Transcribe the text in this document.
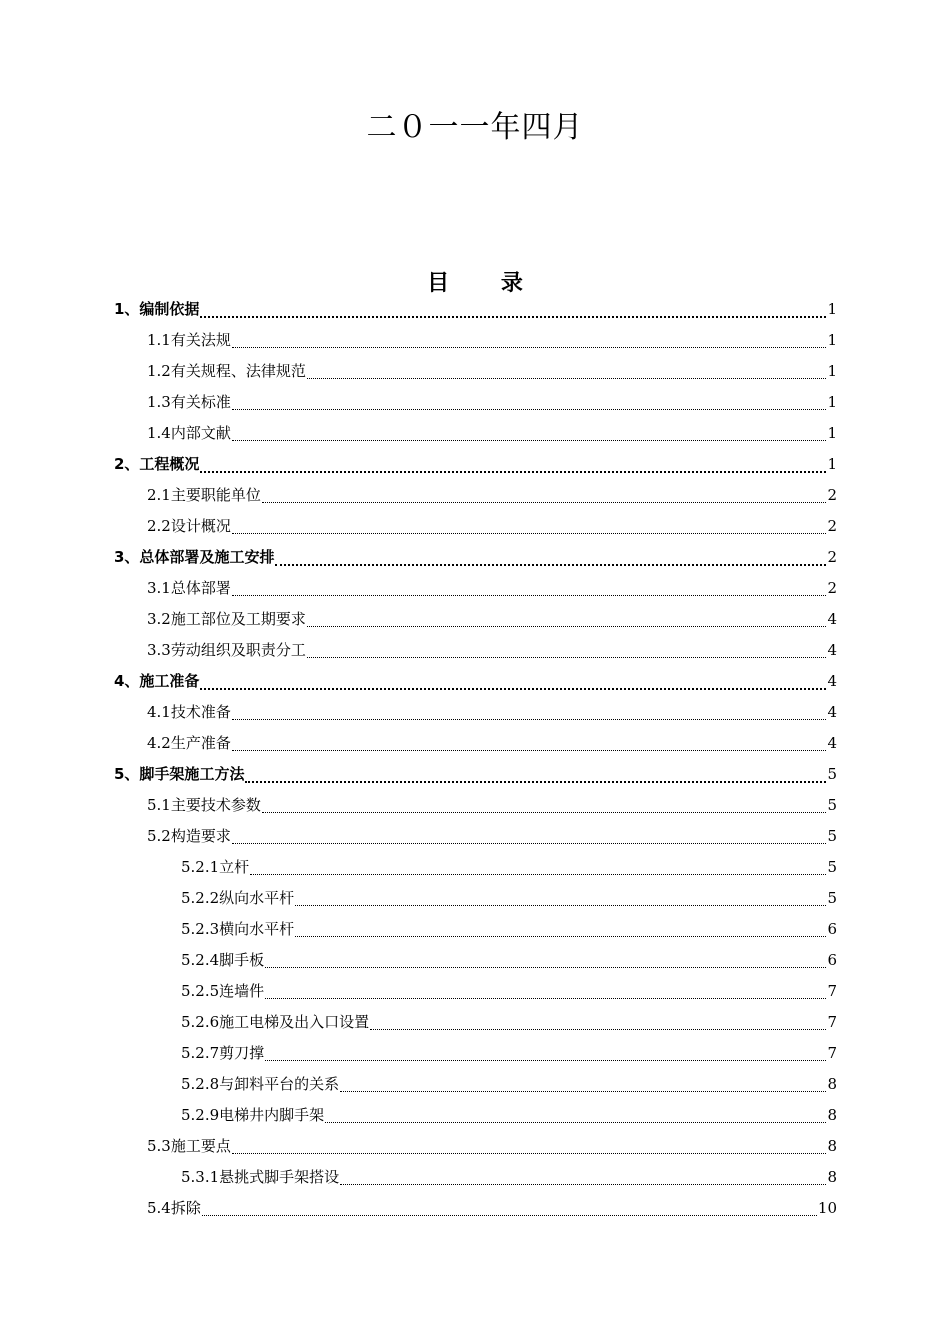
二０一一年四月
目 录
1、编制依据	1
1.1有关法规	1
1.2有关规程、法律规范	1
1.3有关标准	1
1.4内部文献	1
2、工程概况	1
2.1主要职能单位	2
2.2设计概况	2
3、总体部署及施工安排	2
3.1总体部署	2
3.2施工部位及工期要求	4
3.3劳动组织及职责分工	4
4、施工准备	4
4.1技术准备	4
4.2生产准备	4
5、脚手架施工方法	5
5.1主要技术参数	5
5.2构造要求	5
5.2.1立杆	5
5.2.2纵向水平杆	5
5.2.3横向水平杆	6
5.2.4脚手板	6
5.2.5连墙件	7
5.2.6施工电梯及出入口设置	7
5.2.7剪刀撑	7
5.2.8与卸料平台的关系	8
5.2.9电梯井内脚手架	8
5.3施工要点	8
5.3.1悬挑式脚手架搭设	8
5.4拆除	10
